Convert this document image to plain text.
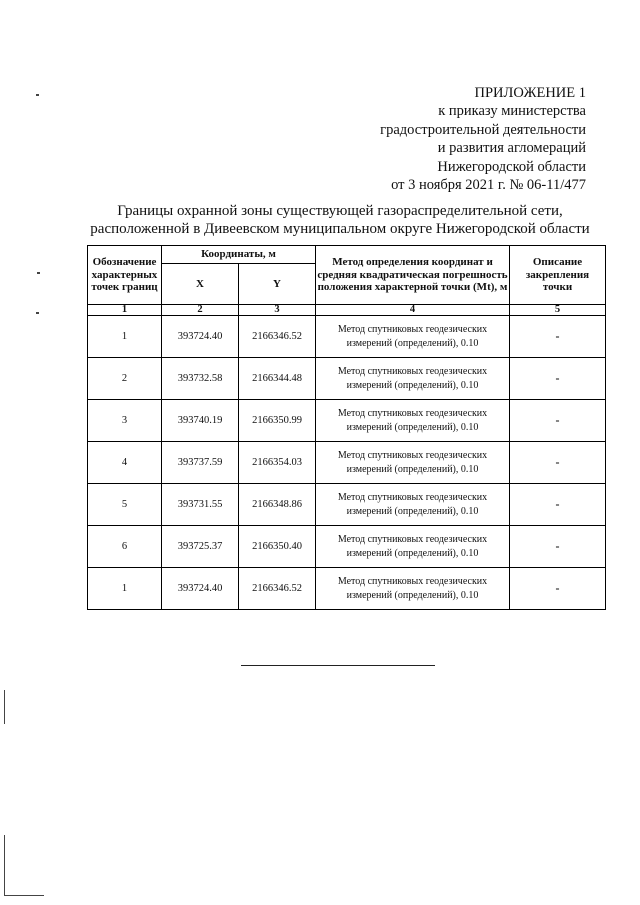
ПРИЛОЖЕНИЕ 1
к приказу министерства
градостроительной деятельности
и развития агломераций
Нижегородской области
от 3 ноября 2021 г. № 06-11/477
Границы охранной зоны существующей газораспределительной сети,
расположенной в Дивеевском муниципальном округе Нижегородской области
Обозначение характерных точек границ	Координаты, м		Метод определения координат и средняя квадратическая погрешность положения характерной точки (Mt), м	Описание закрепления точки
	X	Y		
1	2	3	4	5
1	393724.40	2166346.52	Метод спутниковых геодезических измерений (определений), 0.10	-
2	393732.58	2166344.48	Метод спутниковых геодезических измерений (определений), 0.10	-
3	393740.19	2166350.99	Метод спутниковых геодезических измерений (определений), 0.10	-
4	393737.59	2166354.03	Метод спутниковых геодезических измерений (определений), 0.10	-
5	393731.55	2166348.86	Метод спутниковых геодезических измерений (определений), 0.10	-
6	393725.37	2166350.40	Метод спутниковых геодезических измерений (определений), 0.10	-
1	393724.40	2166346.52	Метод спутниковых геодезических измерений (определений), 0.10	-
